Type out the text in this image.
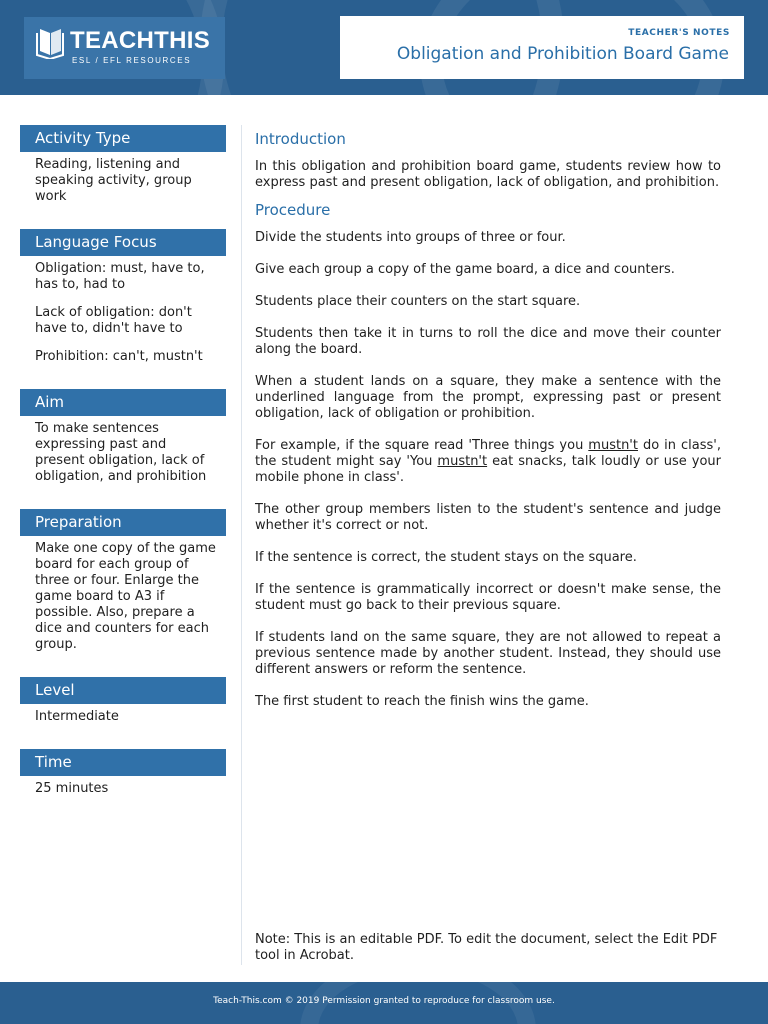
TEACHTHIS
ESL / EFL RESOURCES
TEACHER'S NOTES
Obligation and Prohibition Board Game
Activity Type
Reading, listening and speaking activity, group work
Language Focus

Obligation: must, have to, has to, had to

Lack of obligation: don't have to, didn't have to

Prohibition: can't, mustn't

Aim
To make sentences expressing past and present obligation, lack of obligation, and prohibition
Preparation
Make one copy of the game board for each group of three or four. Enlarge the game board to A3 if possible. Also, prepare a dice and counters for each group.
Level
Intermediate
Time
25 minutes
Introduction

In this obligation and prohibition board game, students review how to express past and present obligation, lack of obligation, and prohibition.

Procedure

Divide the students into groups of three or four.

Give each group a copy of the game board, a dice and counters.

Students place their counters on the start square.

Students then take it in turns to roll the dice and move their counter along the board.

When a student lands on a square, they make a sentence with the underlined language from the prompt, expressing past or present obligation, lack of obligation or prohibition.

For example, if the square read 'Three things you mustn't do in class', the student might say 'You mustn't eat snacks, talk loudly or use your mobile phone in class'.

The other group members listen to the student's sentence and judge whether it's correct or not.

If the sentence is correct, the student stays on the square.

If the sentence is grammatically incorrect or doesn't make sense, the student must go back to their previous square.

If students land on the same square, they are not allowed to repeat a previous sentence made by another student. Instead, they should use different answers or reform the sentence.

The first student to reach the finish wins the game.

Note: This is an editable PDF. To edit the document, select the Edit PDF tool in Acrobat.

Teach-This.com © 2019 Permission granted to reproduce for classroom use.
